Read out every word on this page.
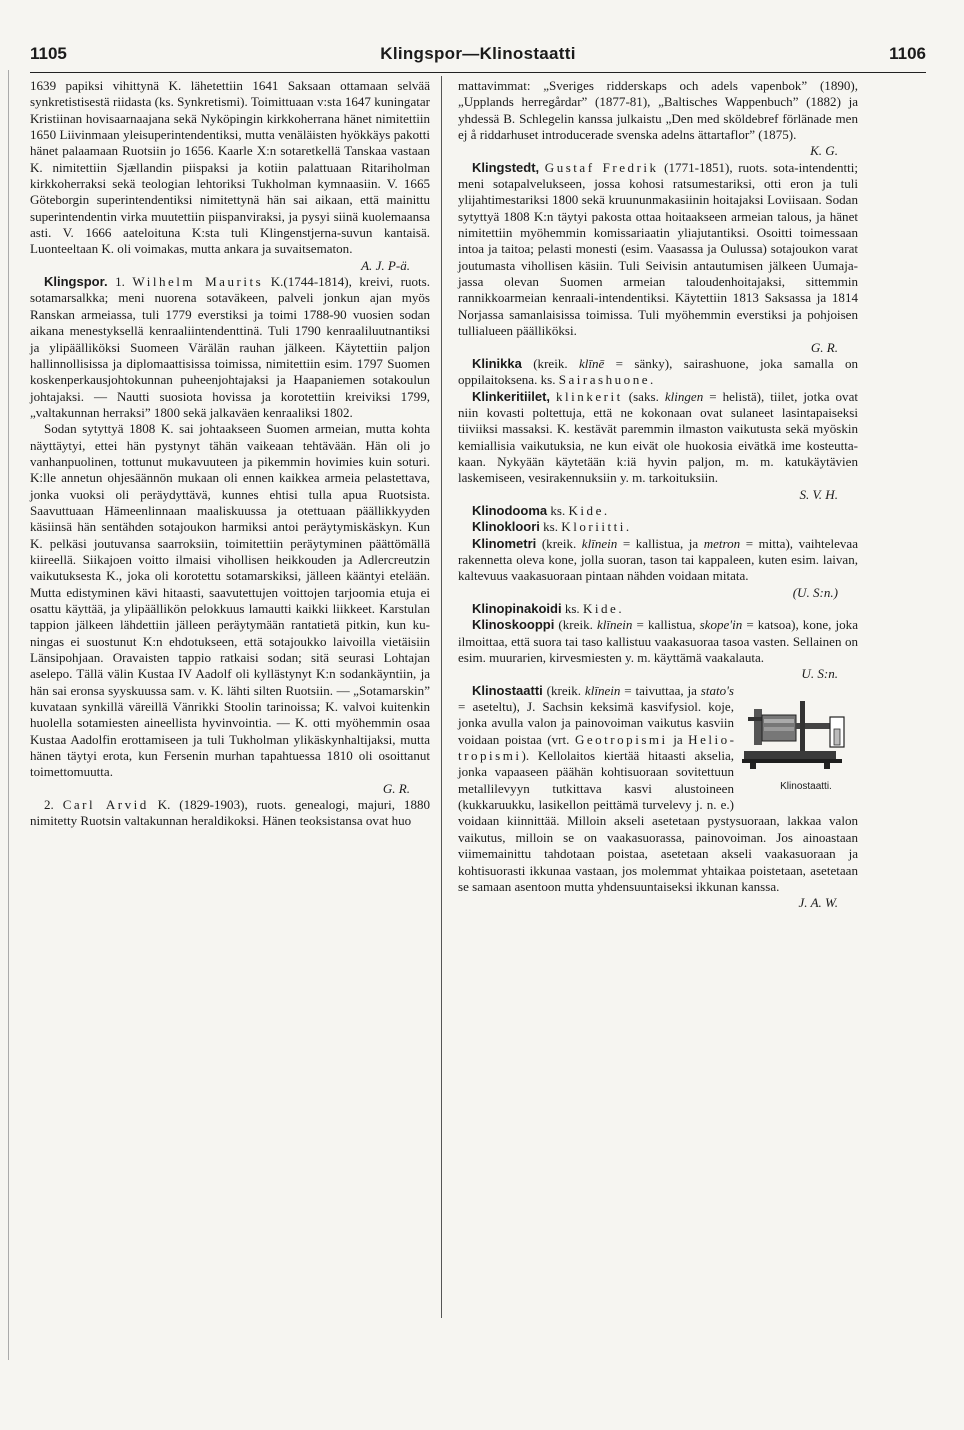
1105	Klingspor—Klinostaatti	1106

1639 papiksi vihittynä K. lähetettiin 1641 Saksaan ottamaan selvää synkretistisestä riidasta (ks. Synkretismi). Toimittuaan v:sta 1647 kuningatar Kristiinan hovisaarnaajana sekä Nyköpingin kirkkoherrana hänet nimitettiin 1650 Liivinmaan yleisuperintendentiksi, mutta venäläisten hyökkäys pakotti hänet palaamaan Ruotsiin jo 1656. Kaarle X:n sotaretkellä Tanskaa vastaan K. nimitettiin Sjællandin piispaksi ja kotiin palattuaan Ritariholman kirkkoherraksi sekä teologian lehtoriksi Tukholman kymnaasiin. V. 1665 Göteborgin superintendentiksi nimitettynä hän sai aikaan, että mainittu superintendentin virka muutettiin piispanviraksi, ja pysyi siinä kuolemaansa asti. V. 1666 aateloituna K:sta tuli Klingenstjerna-suvun kantaisä. Luonteeltaan K. oli voimakas, mutta ankara ja suvaitsematon.

A. J. P-ä.

Klingspor. 1. Wilhelm Maurits K.(1744-1814), kreivi, ruots. sotamarsalkka; meni nuorena sotaväkeen, palveli jonkun ajan myös Ranskan armeiassa, tuli 1779 everstiksi ja toimi 1788-90 vuosien sodan aikana menestyksellä kenraaliintendenttinä. Tuli 1790 kenraaliluutnantiksi ja ylipäälliköksi Suomeen Värälän rauhan jälkeen. Käytettiin paljon hallinnollisissa ja diplomaattisissa toimissa, nimitettiin esim. 1797 Suomen koskenperkausjohtokunnan puheenjohtajaksi ja Haapaniemen sotakoulun johtajaksi. — Nautti suosiota hovissa ja korotettiin kreiviksi 1799, „valtakunnan herraksi” 1800 sekä jalkaväen kenraaliksi 1802.

Sodan sytyttyä 1808 K. sai johtaakseen Suomen armeian, mutta kohta näyttäytyi, ettei hän pystynyt tähän vaikeaan tehtävään. Hän oli jo vanhanpuolinen, tottunut mukavuuteen ja pikemmin hovimies kuin soturi. K:lle annetun ohjesäännön mukaan oli ennen kaikkea armeia pelastettava, jonka vuoksi oli peräydyttävä, kunnes ehtisi tulla apua Ruotsista. Saavuttuaan Hämeenlinnaan maaliskuussa ja otettuaan päällikkyyden käsiinsä hän sentähden sotajoukon harmiksi antoi peräytymiskäskyn. Kun K. pelkäsi joutuvansa saarroksiin, toimitettiin peräytyminen päättömällä kiireellä. Siikajoen voitto ilmaisi vihollisen heikkouden ja Adlercreutzin vaikutuksesta K., joka oli korotettu sotamarskiksi, jälleen kääntyi etelään. Mutta edistyminen kävi hitaasti, saavutettujen voittojen tarjoomia etuja ei osattu käyttää, ja ylipäällikön pelokkuus lamautti kaikki liikkeet. Karstulan tappion jälkeen lähdettiin jälleen peräytymään rantatietä pitkin, kun kuningas ei suostunut K:n ehdotukseen, että sotajoukko laivoilla vietäisiin Länsipohjaan. Oravaisten tappio ratkaisi sodan; sitä seurasi Lohtajan aselepo. Tällä välin Kustaa IV Aadolf oli kyllästynyt K:n sodankäyntiin, ja hän sai eronsa syyskuussa sam. v. K. lähti silten Ruotsiin. — „Sotamarskin” kuvataan synkillä väreillä Vänrikki Stoolin tarinoissa; K. valvoi kuitenkin huolella sotamiesten aineellista hyvinvointia. — K. otti myöhemmin osaa Kustaa Aadolfin erottamiseen ja tuli Tukholman ylikäskynhaltijaksi, mutta hänen täytyi erota, kun Fersenin murhan tapahtuessa 1810 oli osoittanut toimettomuutta.

G. R.

2. Carl Arvid K. (1829-1903), ruots. genealogi, majuri, 1880 nimitetty Ruotsin valtakunnan heraldikoksi. Hänen teoksistansa ovat huo

mattavimmat: „Sveriges ridderskaps och adels vapenbok” (1890), „Upplands herregårdar” (1877-81), „Baltisches Wappenbuch” (1882) ja yhdessä B. Schlegelin kanssa julkaistu „Den med sköldеbref förlänade men ej å riddarhuset introducerade svenska adelns ättartaflor” (1875).

K. G.

Klingstedt, Gustaf Fredrik (1771-1851), ruots. sota-intendentti; meni sotapalveluksееn, jossa kohosi ratsumestariksi, otti eron ja tuli ylijahtimestariksi 1800 sekä kruununmakasiinin hoitajaksi Loviisaan. Sodan sytyttyä 1808 K:n täytyi pakosta ottaa hoitaakseen armeian talous, ja hänet nimitettiin myöhemmin komissariaatin yliajutantiksi. Osoitti toimessaan intoa ja taitoa; pelasti monesti (esim. Vaasassa ja Oulussa) sotajoukon varat joutumasta vihollisen käsiin. Tuli Seivisin antautumisen jälkeen Uumajajassa olevan Suomen armeian taloudenhoitajaksi, sittemmin rannikkoarmeian kenraali-intendentiksi. Käytettiin 1813 Saksassa ja 1814 Norjassa samanlaisissa toimissa. Tuli myöhemmin everstiksi ja pohjoisen tullialueen päälliköksi.

G. R.

Klinikka (kreik. klīnē = sänky), sairashuone, joka samalla on oppilaitoksena. ks. Sairashuone.

Klinkeritiilet, klinkerit (saks. klingen = helistä), tiilet, jotka ovat niin kovasti poltettuja, että ne kokonaan ovat sulaneet lasintapaiseksi tiiviiksi massaksi. K. kestävät paremmin ilmaston vaikutusta sekä myöskin kemiallisia vaikutuksia, ne kun eivät ole huokosia eivätkä imе kosteuttakaan. Nykyään käytetään k:iä hyvin paljon, m. m. katukäytävien laskemiseen, vesirakennuksiin y. m. tarkoituksiin.

S. V. H.

Klinodooma ks. Kide.

Klinokloori ks. Kloriitti.

Klinometri (kreik. klīnein = kallistua, ja metron = mitta), vaihtelevaa rakennetta oleva kone, jolla suoran, tason tai kappaleen, kuten esim. laivan, kaltevuus vaakasuoraan pintaan nähden voidaan mitata.

(U. S:n.)

Klinopinakoidi ks. Kide.

Klinoskooppi (kreik. klīnein = kallistua, skope'in = katsoa), kone, joka ilmoittaa, että suora tai taso kallistuu vaakasuoraa tasoa vasten. Sellainen on esim. muurarien, kirvesmiesten y. m. käyttämä vaakalauta.

U. S:n.

Klinostaatti.
Klinostaatti (kreik. klīnein = taivuttaa, ja stato's = aseteltu), J. Sachsin keksimä kasvifysiol. koje, jonka avulla valon ja painovoiman vaikutus kasviin voidaan poistaa (vrt. Geotropismi ja Heliotropismi). Kellolaitos kiertää hitaasti akselia, jonka vapaaseen päähän kohtisuoraan sovitettuun metallilevyyn tutkittava kasvi alustoineen (kukkaruukku, lasikellon peittämä turvelevy j. n. e.) voidaan kiinnittää. Milloin akseli asetetaan pystysuoraan, lakkaa valon vaikutus, milloin se on vaakasuorassa, painovoiman. Jos ainoastaan viimemainittu tahdotaan poistaa, asetetaan akseli vaakasuoraan ja kohtisuorasti ikkunaa vastaan, jos molemmat yhtaikaa poistetaan, asetetaan se samaan asentoon mutta yhdensuuntaiseksi ikkunan kanssa.

J. A. W.
